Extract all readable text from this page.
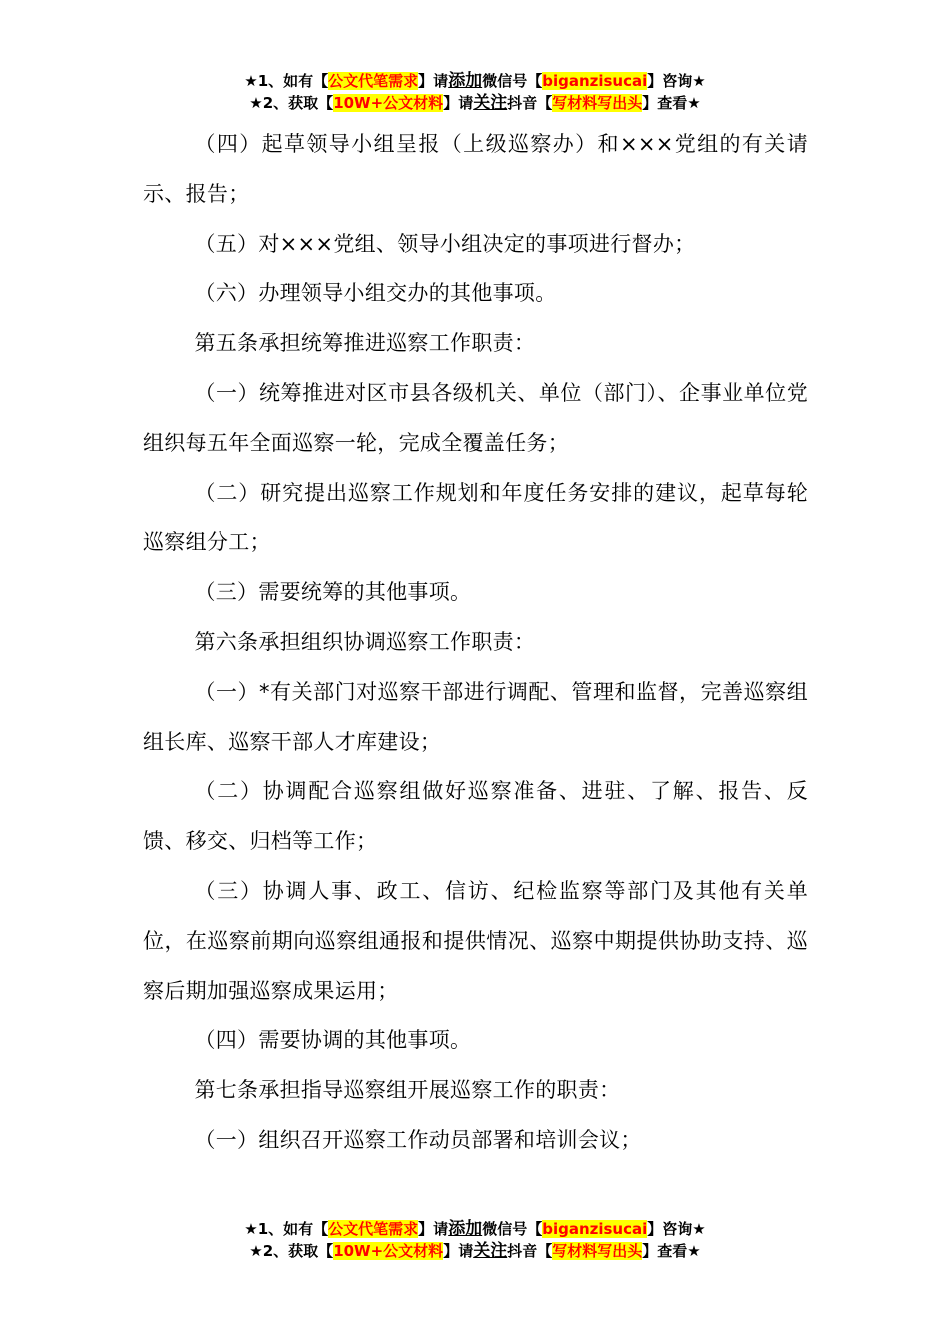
★1、如有【公文代笔需求】请添加微信号【biganzisucai】咨询★
★2、获取【10W+公文材料】请关注抖音【写材料写出头】查看★

（四）起草领导小组呈报（上级巡察办）和×××党组的有关请示、报告；

（五）对×××党组、领导小组决定的事项进行督办；

（六）办理领导小组交办的其他事项。

第五条承担统筹推进巡察工作职责：

（一）统筹推进对区市县各级机关、单位（部门）、企事业单位党组织每五年全面巡察一轮，完成全覆盖任务；

（二）研究提出巡察工作规划和年度任务安排的建议，起草每轮巡察组分工；

（三）需要统筹的其他事项。

第六条承担组织协调巡察工作职责：

（一）*有关部门对巡察干部进行调配、管理和监督，完善巡察组组长库、巡察干部人才库建设；

（二）协调配合巡察组做好巡察准备、进驻、了解、报告、反馈、移交、归档等工作；

（三）协调人事、政工、信访、纪检监察等部门及其他有关单位，在巡察前期向巡察组通报和提供情况、巡察中期提供协助支持、巡察后期加强巡察成果运用；

（四）需要协调的其他事项。

第七条承担指导巡察组开展巡察工作的职责：

（一）组织召开巡察工作动员部署和培训会议；

★1、如有【公文代笔需求】请添加微信号【biganzisucai】咨询★
★2、获取【10W+公文材料】请关注抖音【写材料写出头】查看★
